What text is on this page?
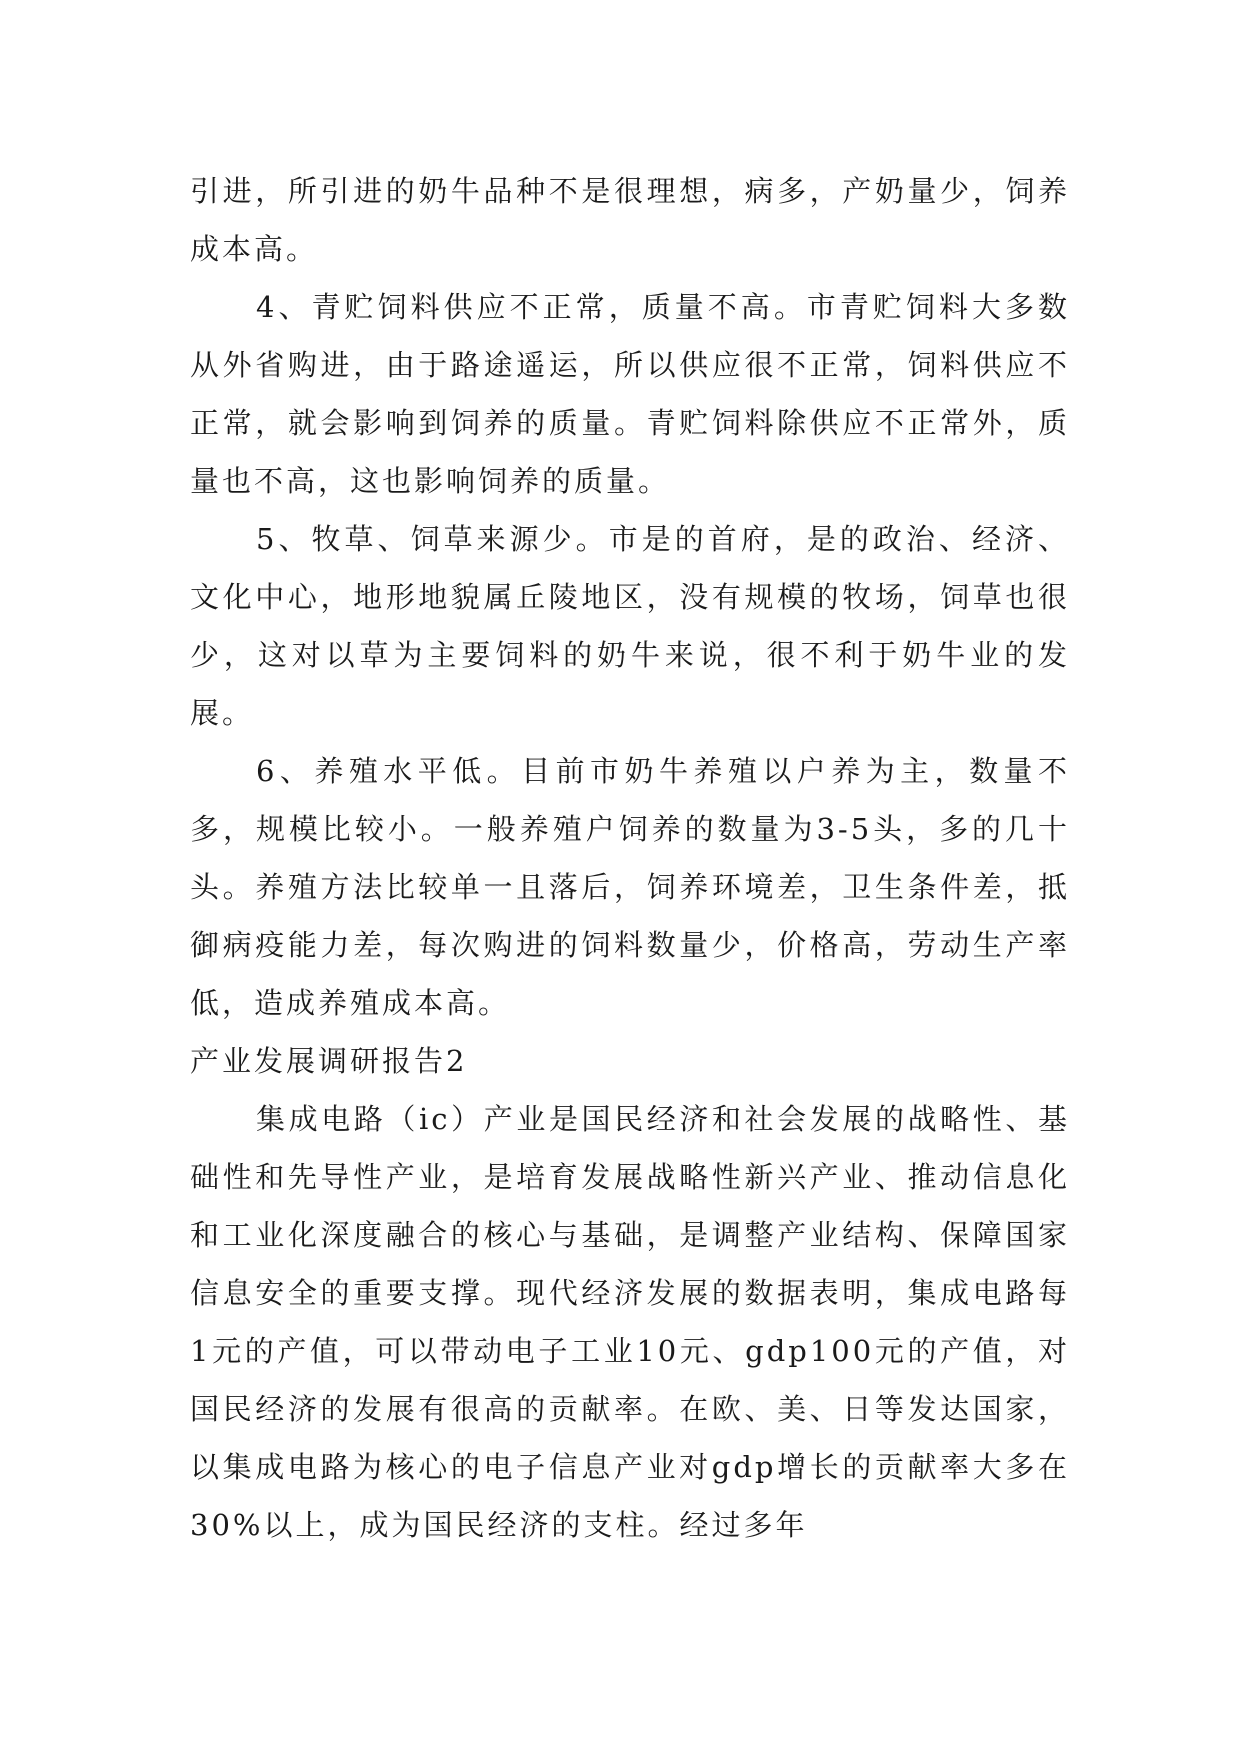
引进，所引进的奶牛品种不是很理想，病多，产奶量少，饲养成本高。

4、青贮饲料供应不正常，质量不高。市青贮饲料大多数从外省购进，由于路途遥运，所以供应很不正常，饲料供应不正常，就会影响到饲养的质量。青贮饲料除供应不正常外，质量也不高，这也影响饲养的质量。

5、牧草、饲草来源少。市是的首府，是的政治、经济、文化中心，地形地貌属丘陵地区，没有规模的牧场，饲草也很少，这对以草为主要饲料的奶牛来说，很不利于奶牛业的发展。

6、养殖水平低。目前市奶牛养殖以户养为主，数量不多，规模比较小。一般养殖户饲养的数量为3-5头，多的几十头。养殖方法比较单一且落后，饲养环境差，卫生条件差，抵御病疫能力差，每次购进的饲料数量少，价格高，劳动生产率低，造成养殖成本高。

产业发展调研报告2

集成电路（ic）产业是国民经济和社会发展的战略性、基础性和先导性产业，是培育发展战略性新兴产业、推动信息化和工业化深度融合的核心与基础，是调整产业结构、保障国家信息安全的重要支撑。现代经济发展的数据表明，集成电路每1元的产值，可以带动电子工业10元、gdp100元的产值，对国民经济的发展有很高的贡献率。在欧、美、日等发达国家，以集成电路为核心的电子信息产业对gdp增长的贡献率大多在30%以上，成为国民经济的支柱。经过多年
